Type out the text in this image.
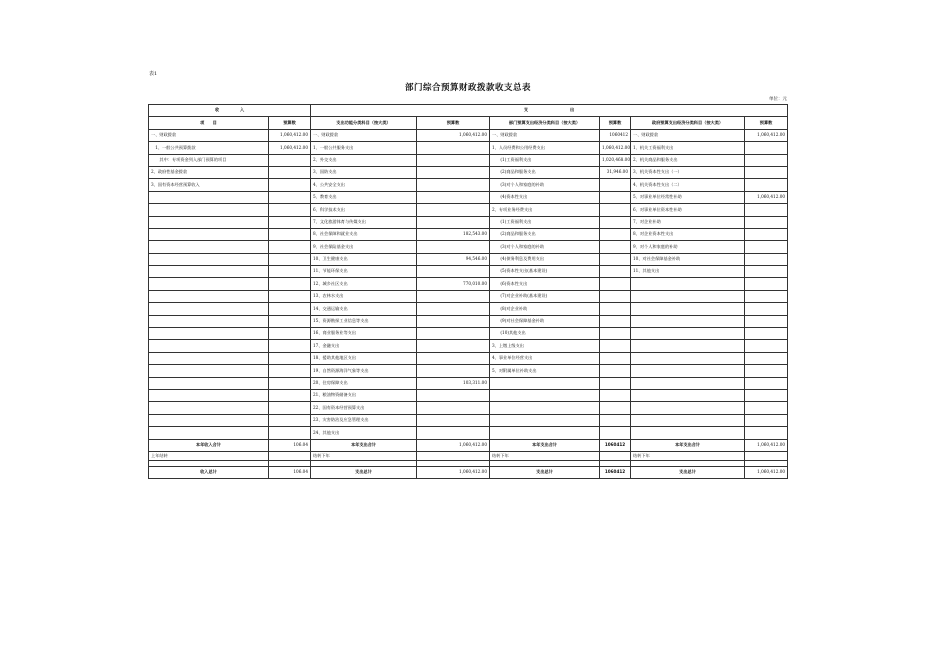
表1
部门综合预算财政拨款收支总表
单位：元
收　　　　　入		支　　　　　　　　　　出					
项　　目	预算数	支出功能分类科目（按大类）	预算数	部门预算支出经济分类科目（按大类）	预算数	政府预算支出经济分类科目（按大类）	预算数
一、财政拨款	1,060,412.00	一、财政拨款	1,060,412.00	一、财政拨款	1060412	一、财政拨款	1,060,412.00
　1、一般公共预算拨款	1,060,412.00	1、一般公共服务支出		1、人员经费和公用经费支出	1,060,412.00	1、机关工资福利支出	
　　其中：专项资金列入部门预算的项目		2、外交支出		　　(1)工资福利支出	1,020,468.00	2、机关商品和服务支出	
2、政府性基金拨款		3、国防支出		　　(2)商品和服务支出	31,946.00	3、机关资本性支出（一）	
3、国有资本经营预算收入		4、公共安全支出		　　(3)对个人和家庭的补助		4、机关资本性支出（二）	
		5、教育支出		　　(4)资本性支出		5、对事业单位经常性补助	1,060,412.00
		6、科学技术支出		2、专项业务经费支出		6、对事业单位资本性补助	
		7、文化旅游体育与传媒支出		　　(1)工资福利支出		7、对企业补助	
		8、社会保障和就业支出	182,543.00	　　(2)商品和服务支出		8、对企业资本性支出	
		9、社会保险基金支出		　　(3)对个人和家庭的补助		9、对个人和家庭的补助	
		10、卫生健康支出	94,546.00	　　(4)债务利息及费用支出		10、对社会保障基金补助	
		11、节能环保支出		　　(5)资本性支出(基本建设)		11、其他支出	
		12、城乡社区支出	770,010.00	　　(6)资本性支出			
		13、农林水支出		　　(7)对企业补助(基本建设)			
		14、交通运输支出		　　(8)对企业补助			
		15、资源勘探工业信息等支出		　　(9)对社会保障基金补助			
		16、商业服务业等支出		　　(10)其他支出			
		17、金融支出		3、上缴上级支出			
		18、援助其他地区支出		4、事业单位经营支出			
		19、自然资源海洋气象等支出		5、对附属单位补助支出			
		20、住房保障支出	103,311.00				
		21、粮油物资储备支出					
		22、国有资本经营预算支出					
		23、灾害防治及应急管理支出					
		24、其他支出					
本年收入合计	106.04	本年支出合计	1,060,412.00	本年支出合计	1060412	本年支出合计	1,060,412.00
上年结转		结转下年		结转下年		结转下年	

收入总计	106.04	支出总计	1,060,412.00	支出总计	1060412	支出总计	1,060,412.00
